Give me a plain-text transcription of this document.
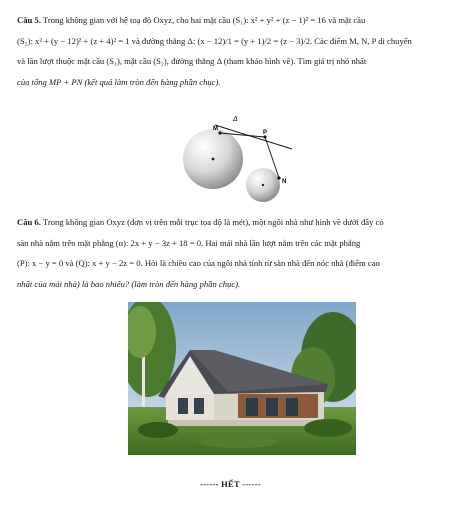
Câu 5. Trong không gian với hệ toạ độ Oxyz, cho hai mặt cầu (S₁): x² + y² + (z − 1)² = 16 và mặt cầu
(S₂): x² + (y − 12)² + (z + 4)² = 1 và đường thẳng Δ: (x − 12)/1 = (y + 1)/2 = (z − 3)/2. Các điểm M, N, P di chuyển
và lần lượt thuộc mặt cầu (S₁), mặt cầu (S₂), đường thẳng Δ (tham khảo hình vẽ). Tìm giá trị nhỏ nhất
của tổng MP + PN (kết quả làm tròn đến hàng phần chục).
Δ
M
P
N
Câu 6. Trong không gian Oxyz (đơn vị trên mỗi trục tọa độ là mét), một ngôi nhà như hình vẽ dưới đây có
sàn nhà nằm trên mặt phẳng (α): 2x + y − 3z + 18 = 0. Hai mái nhà lần lượt nằm trên các mặt phẳng
(P): x − y = 0 và (Q): x + y − 2z = 0. Hỏi là chiều cao của ngôi nhà tính từ sàn nhà đến nóc nhà (điểm cao
nhất của mái nhà) là bao nhiêu? (làm tròn đến hàng phần chục).
------ HẾT ------
